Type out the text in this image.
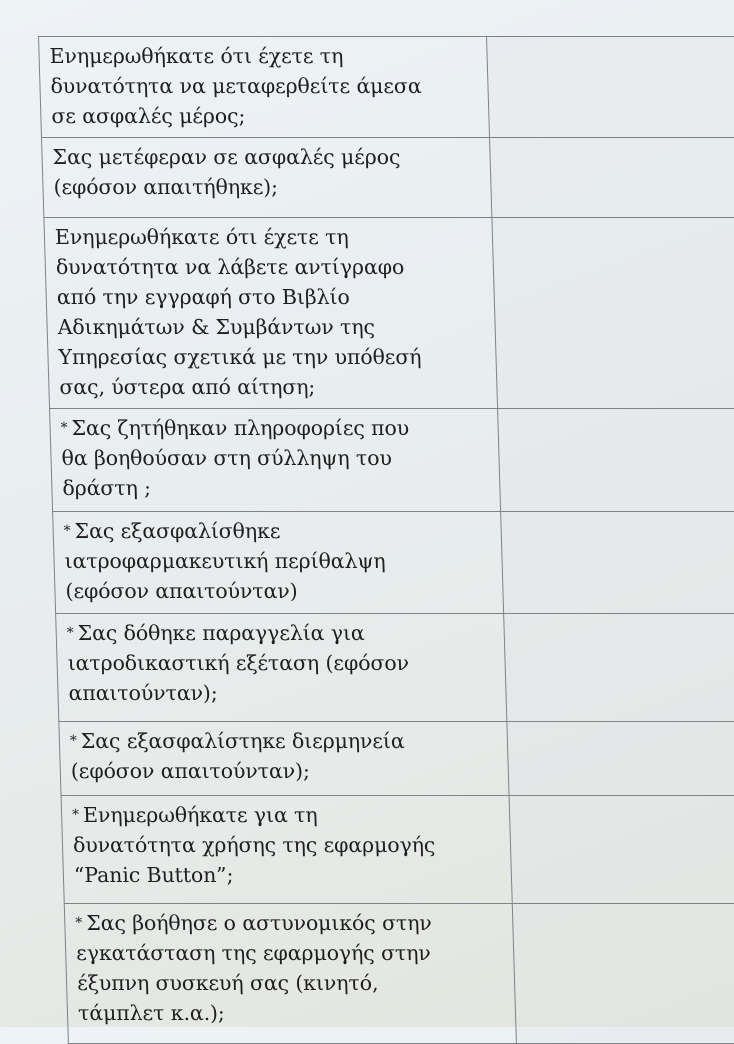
Ενημερωθήκατε ότι έχετε τη
δυνατότητα να μεταφερθείτε άμεσα
σε ασφαλές μέρος;	

Σας μετέφεραν σε ασφαλές μέρος
(εφόσον απαιτήθηκε);	

Ενημερωθήκατε ότι έχετε τη
δυνατότητα να λάβετε αντίγραφο
από την εγγραφή στο Βιβλίο
Αδικημάτων & Συμβάντων της
Υπηρεσίας σχετικά με την υπόθεσή
σας, ύστερα από αίτηση;

* Σας ζητήθηκαν πληροφορίες που
θα βοηθούσαν στη σύλληψη του
δράστη ;	
* Σας εξασφαλίσθηκε
ιατροφαρμακευτική περίθαλψη
(εφόσον απαιτούνταν)	
* Σας δόθηκε παραγγελία για
ιατροδικαστική εξέταση (εφόσον
απαιτούνταν);	
* Σας εξασφαλίστηκε διερμηνεία
(εφόσον απαιτούνταν);	
* Ενημερωθήκατε για τη
δυνατότητα χρήσης της εφαρμογής
“Panic Button”;	
* Σας βοήθησε ο αστυνομικός στην
εγκατάσταση της εφαρμογής στην
έξυπνη συσκευή σας (κινητό,
τάμπλετ κ.α.);	
